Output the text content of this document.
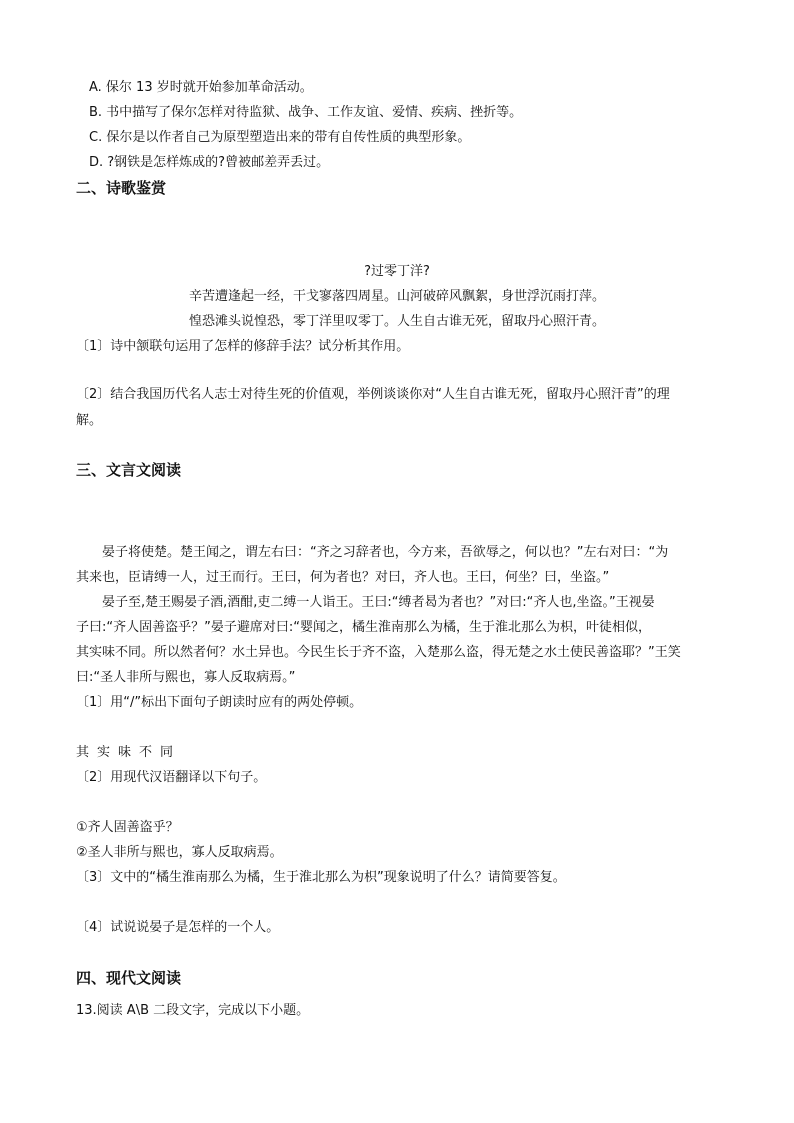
A. 保尔 13 岁时就开始参加革命活动。
B. 书中描写了保尔怎样对待监狱、战争、工作友谊、爱情、疾病、挫折等。
C. 保尔是以作者自己为原型塑造出来的带有自传性质的典型形象。
D. ?钢铁是怎样炼成的?曾被邮差弄丢过。
二、诗歌鉴赏
?过零丁洋?
辛苦遭逢起一经，干戈寥落四周星。山河破碎风飘絮，身世浮沉雨打萍。
惶恐滩头说惶恐，零丁洋里叹零丁。人生自古谁无死，留取丹心照汗青。
〔1〕诗中颔联句运用了怎样的修辞手法？试分析其作用。
〔2〕结合我国历代名人志士对待生死的价值观，举例谈谈你对“人生自古谁无死，留取丹心照汗青”的理
解。
三、文言文阅读
晏子将使楚。楚王闻之，谓左右曰：“齐之习辞者也，今方来，吾欲辱之，何以也？”左右对曰：“为
其来也，臣请缚一人，过王而行。王曰，何为者也？对曰，齐人也。王曰，何坐？曰，坐盗。”
晏子至,楚王赐晏子酒,酒酣,吏二缚一人诣王。王曰:“缚者曷为者也？”对曰:“齐人也,坐盗。”王视晏
子曰:“齐人固善盗乎？”晏子避席对曰:“婴闻之，橘生淮南那么为橘，生于淮北那么为枳，叶徒相似，
其实味不同。所以然者何？水土异也。今民生长于齐不盗，入楚那么盗，得无楚之水土使民善盗耶？”王笑
曰:“圣人非所与熙也，寡人反取病焉。”
〔1〕用“/”标出下面句子朗读时应有的两处停顿。
其实味不同
〔2〕用现代汉语翻译以下句子。
①齐人固善盗乎？
②圣人非所与熙也，寡人反取病焉。
〔3〕文中的“橘生淮南那么为橘，生于淮北那么为枳”现象说明了什么？请简要答复。
〔4〕试说说晏子是怎样的一个人。
四、现代文阅读
13.阅读 A\B 二段文字，完成以下小题。
